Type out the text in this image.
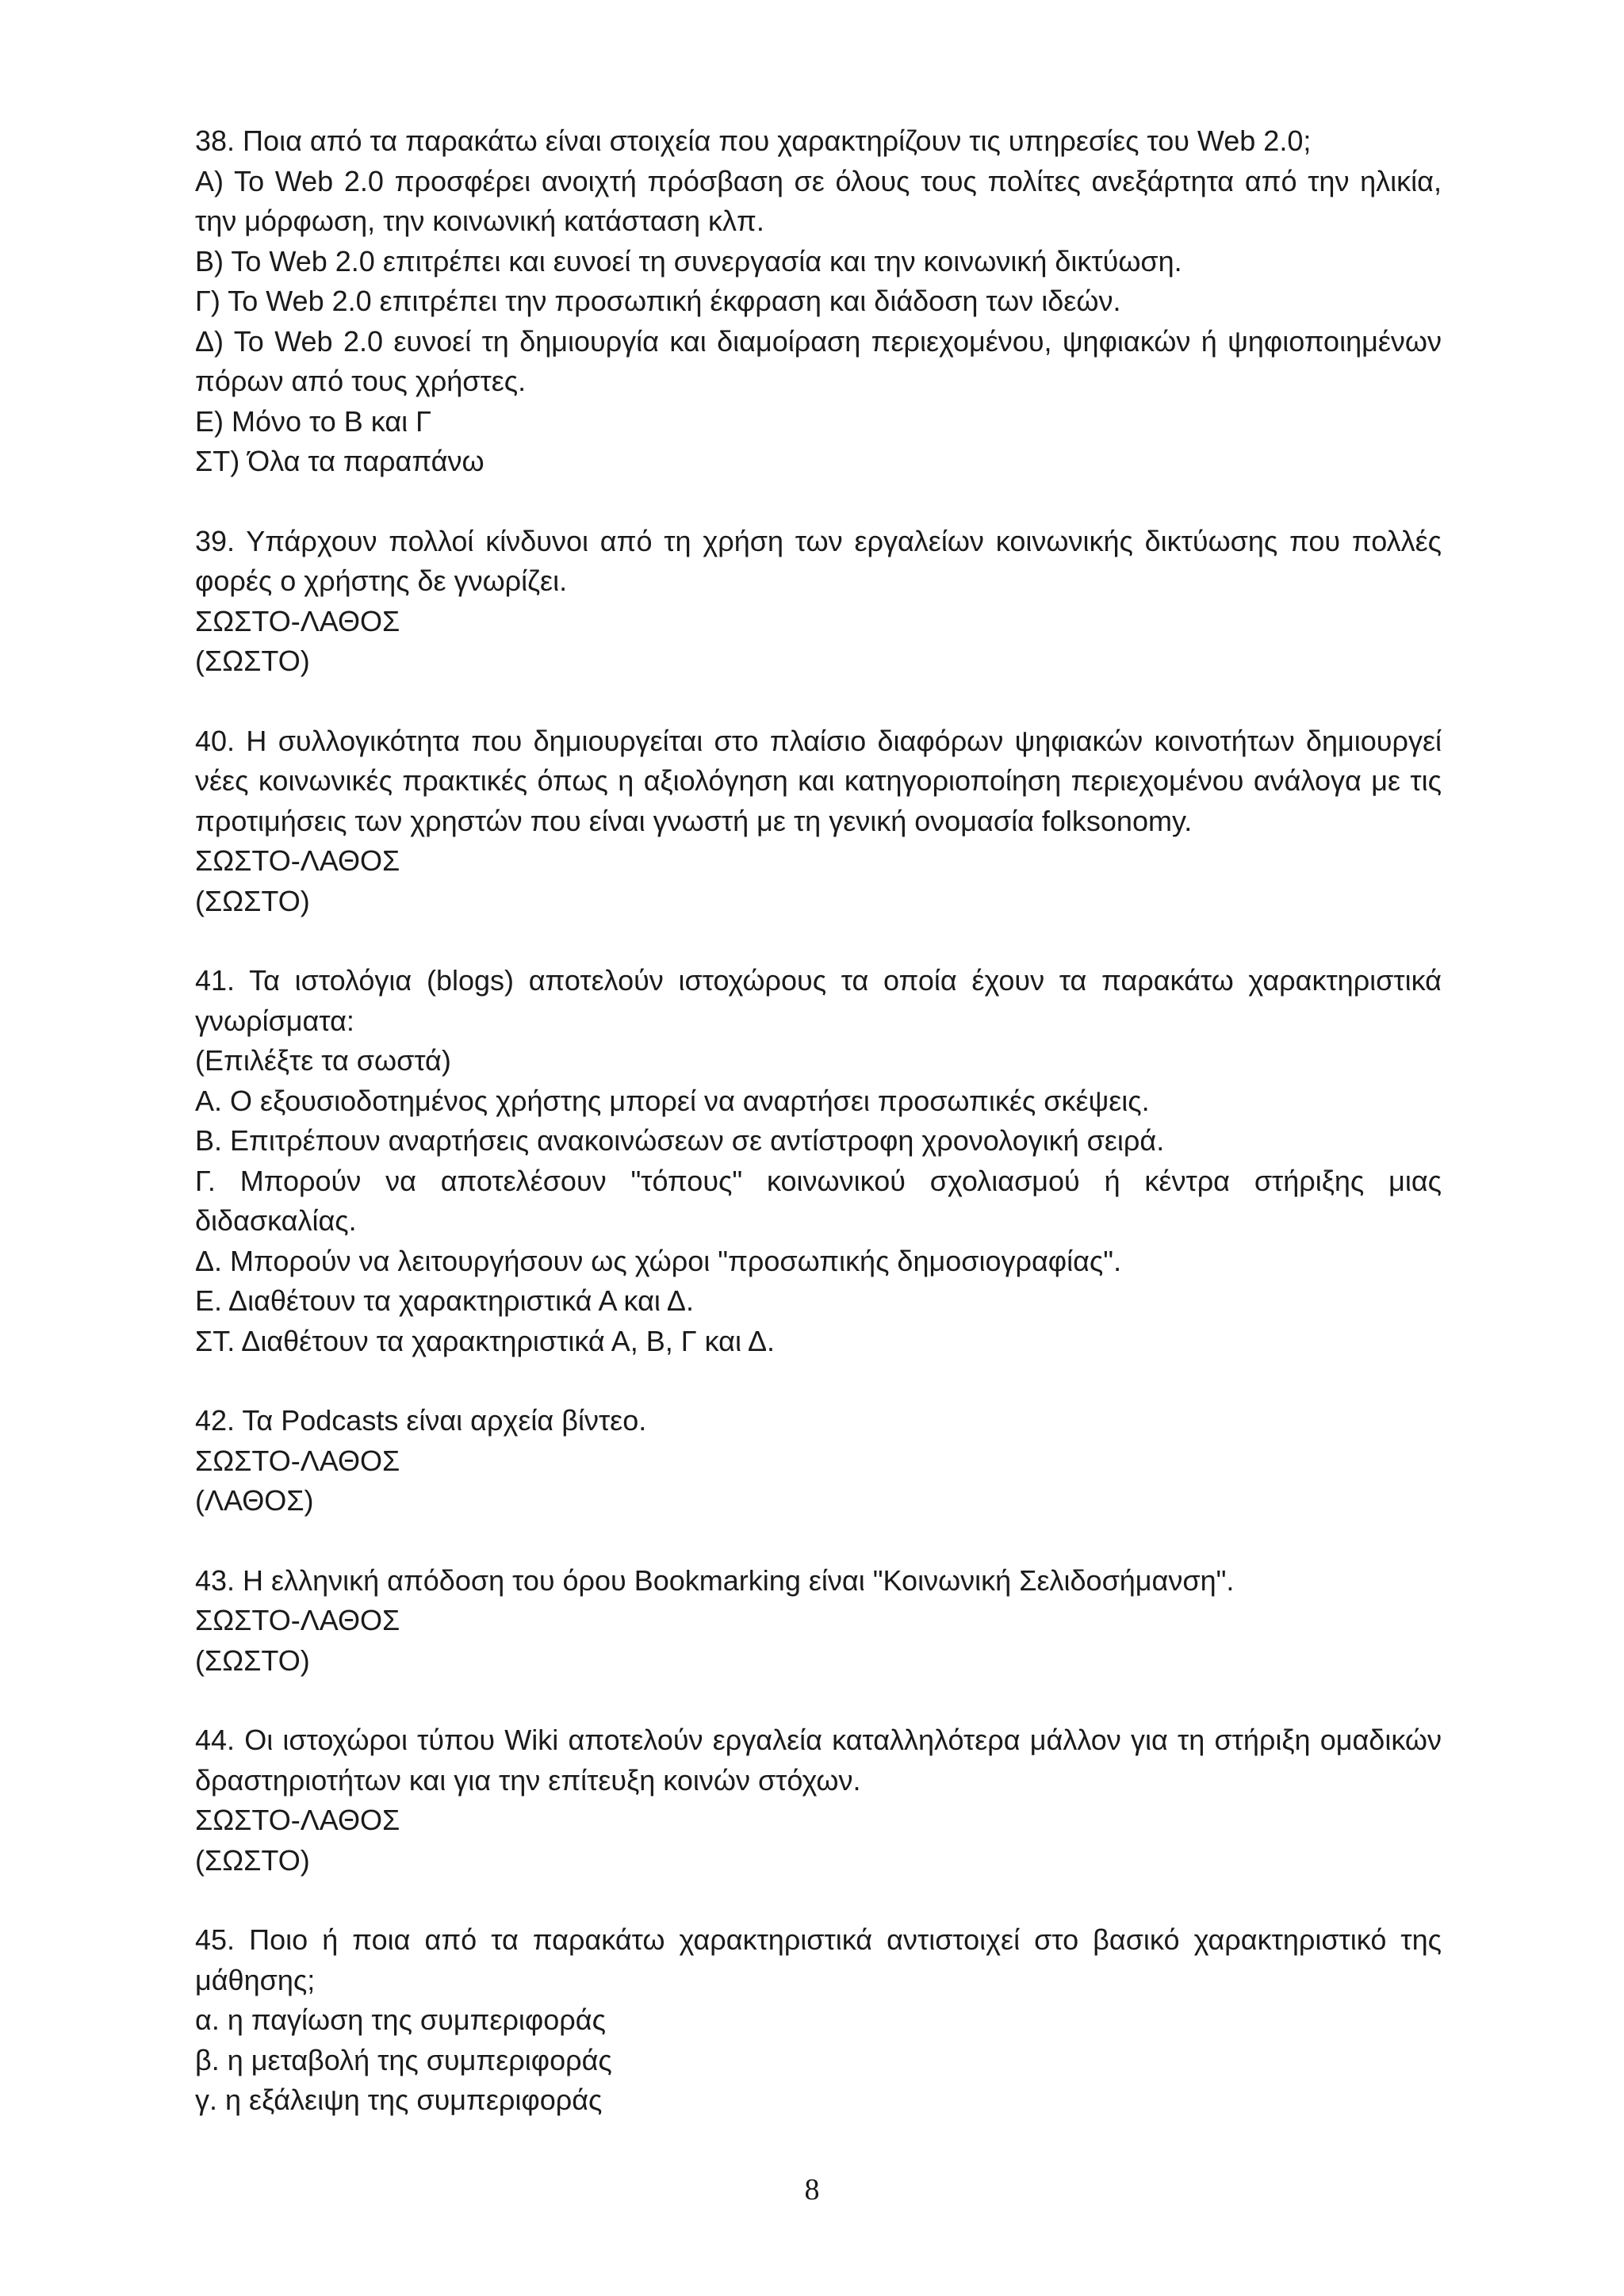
38. Ποια από τα παρακάτω είναι στοιχεία που χαρακτηρίζουν τις υπηρεσίες του Web 2.0;

Α) Το Web 2.0 προσφέρει ανοιχτή πρόσβαση σε όλους τους πολίτες ανεξάρτητα από την ηλικία, την μόρφωση, την κοινωνική κατάσταση κλπ.

Β) Το Web 2.0 επιτρέπει και ευνοεί τη συνεργασία και την κοινωνική δικτύωση.

Γ) Το Web 2.0 επιτρέπει την προσωπική έκφραση και διάδοση των ιδεών.

Δ) Το Web 2.0 ευνοεί τη δημιουργία και διαμοίραση περιεχομένου, ψηφιακών ή ψηφιοποιημένων πόρων από τους χρήστες.

Ε) Μόνο το Β και Γ

ΣΤ) Όλα τα παραπάνω

39. Υπάρχουν πολλοί κίνδυνοι από τη χρήση των εργαλείων κοινωνικής δικτύωσης που πολλές φορές ο χρήστης δε γνωρίζει.

ΣΩΣΤΟ-ΛΑΘΟΣ

(ΣΩΣΤΟ)

40. Η συλλογικότητα που δημιουργείται στο πλαίσιο διαφόρων ψηφιακών κοινοτήτων δημιουργεί νέες κοινωνικές πρακτικές όπως η αξιολόγηση και κατηγοριοποίηση περιεχομένου ανάλογα με τις προτιμήσεις των χρηστών που είναι γνωστή με τη γενική ονομασία folksonomy.

ΣΩΣΤΟ-ΛΑΘΟΣ

(ΣΩΣΤΟ)

41. Τα ιστολόγια (blogs) αποτελούν ιστοχώρους τα οποία έχουν τα παρακάτω χαρακτηριστικά γνωρίσματα:

(Επιλέξτε τα σωστά)

Α. Ο εξουσιοδοτημένος χρήστης μπορεί να αναρτήσει προσωπικές σκέψεις.

Β. Επιτρέπουν αναρτήσεις ανακοινώσεων σε αντίστροφη χρονολογική σειρά.

Γ. Μπορούν να αποτελέσουν "τόπους" κοινωνικού σχολιασμού ή κέντρα στήριξης μιας διδασκαλίας.

Δ. Μπορούν να λειτουργήσουν ως χώροι "προσωπικής δημοσιογραφίας".

Ε. Διαθέτουν τα χαρακτηριστικά Α και Δ.

ΣΤ. Διαθέτουν τα χαρακτηριστικά Α, Β, Γ και Δ.

42. Τα Podcasts είναι αρχεία βίντεο.

ΣΩΣΤΟ-ΛΑΘΟΣ

(ΛΑΘΟΣ)

43. Η ελληνική απόδοση του όρου Bookmarking είναι "Κοινωνική Σελιδοσήμανση".

ΣΩΣΤΟ-ΛΑΘΟΣ

(ΣΩΣΤΟ)

44. Οι ιστοχώροι τύπου Wiki αποτελούν εργαλεία καταλληλότερα μάλλον για τη στήριξη ομαδικών δραστηριοτήτων και για την επίτευξη κοινών στόχων.

ΣΩΣΤΟ-ΛΑΘΟΣ

(ΣΩΣΤΟ)

45. Ποιο ή ποια από τα παρακάτω χαρακτηριστικά αντιστοιχεί στο βασικό χαρακτηριστικό της μάθησης;

α. η παγίωση της συμπεριφοράς

β. η μεταβολή της συμπεριφοράς

γ. η εξάλειψη της συμπεριφοράς

8
